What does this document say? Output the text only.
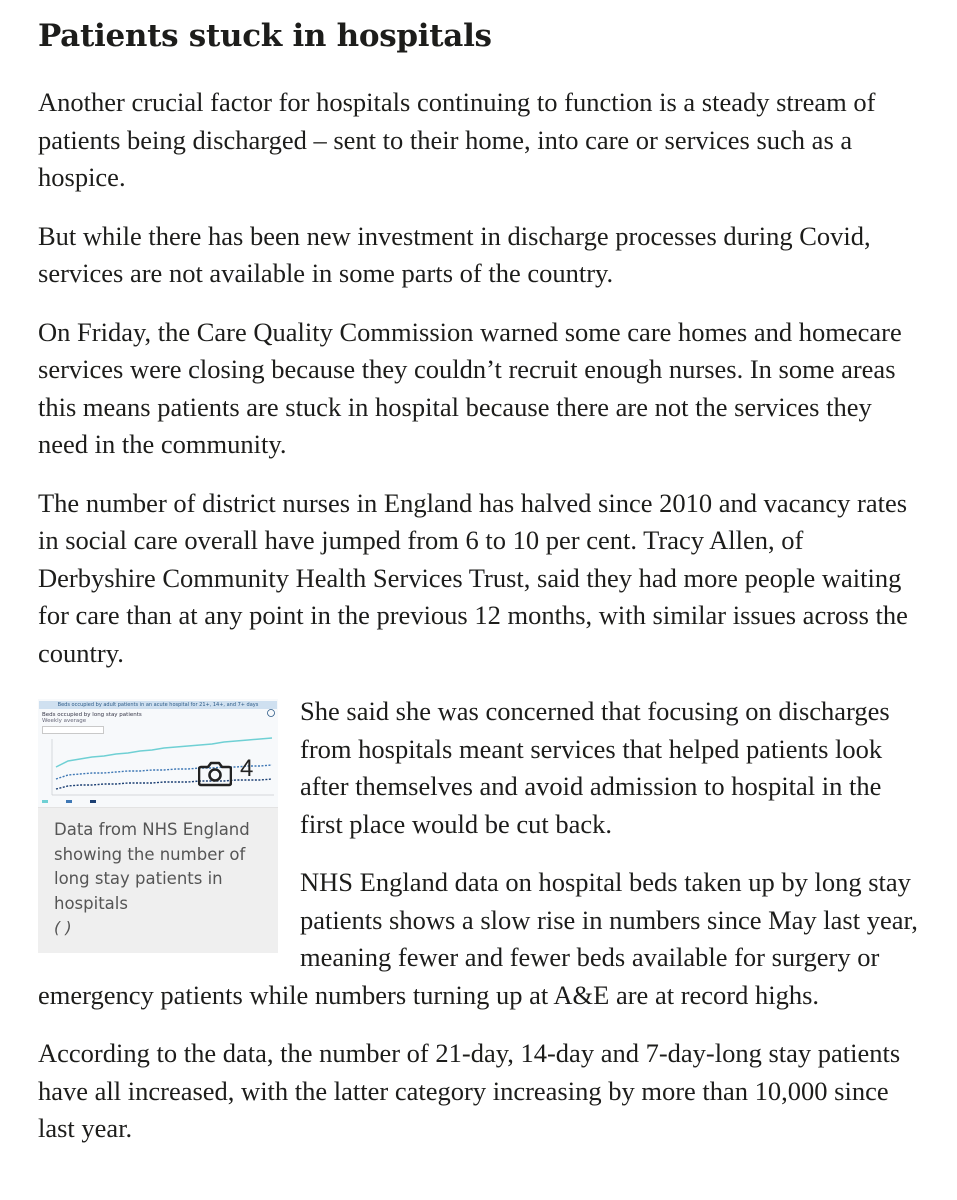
Patients stuck in hospitals

Another crucial factor for hospitals continuing to function is a steady stream of patients being discharged – sent to their home, into care or services such as a hospice.

But while there has been new investment in discharge processes during Covid, services are not available in some parts of the country.

On Friday, the Care Quality Commission warned some care homes and homecare services were closing because they couldn’t recruit enough nurses. In some areas this means patients are stuck in hospital because there are not the services they need in the community.

The number of district nurses in England has halved since 2010 and vacancy rates in social care overall have jumped from 6 to 10 per cent. Tracy Allen, of Derbyshire Community Health Services Trust, said they had more people waiting for care than at any point in the previous 12 months, with similar issues across the country.

Beds occupied by adult patients in an acute hospital for 21+, 14+, and 7+ days
Beds occupied by long stay patients
Weekly average
4
Data from NHS England showing the number of long stay patients in hospitals
( )

She said she was concerned that focusing on discharges from hospitals meant services that helped patients look after themselves and avoid admission to hospital in the first place would be cut back.

NHS England data on hospital beds taken up by long stay patients shows a slow rise in numbers since May last year, meaning fewer and fewer beds available for surgery or emergency patients while numbers turning up at A&E are at record highs.

According to the data, the number of 21-day, 14-day and 7-day-long stay patients have all increased, with the latter category increasing by more than 10,000 since last year.
